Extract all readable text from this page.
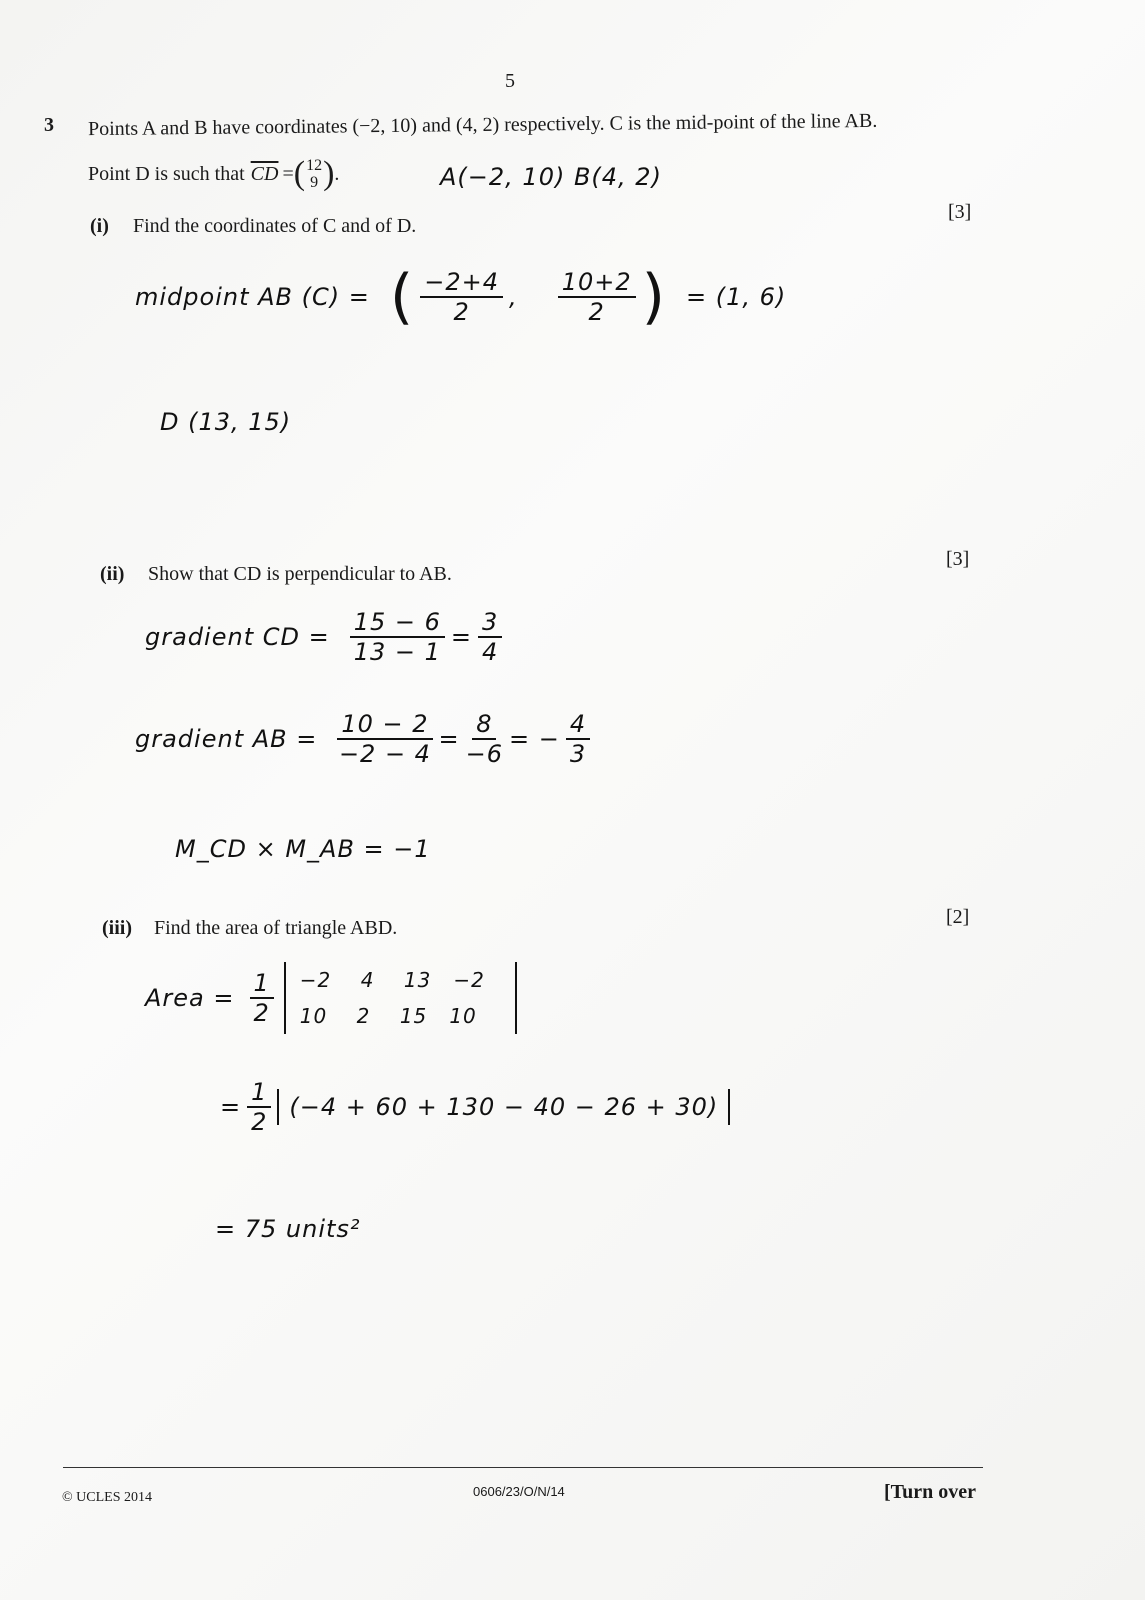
5
3 Points A and B have coordinates (−2, 10) and (4, 2) respectively. C is the mid-point of the line AB.
Point D is such that $\overline{CD}$ = ( 12
9 ) .	A(−2, 10) B(4, 2)
(i) Find the coordinates of C and of D.
[3]
midpoint AB (C) = ( $\frac{-2+4}{2}$ , $\frac{10+2}{2}$ ) = (1, 6)
D (13, 15)
(ii) Show that CD is perpendicular to AB.
[3]
gradient CD = $\frac{15 - 6}{13 - 1} = \frac{3}{4}$
gradient AB = $\frac{10 - 2}{-2 - 4} = \frac{8}{-6}$ = − $\frac{4}{3}$
M_CD × M_AB = −1
(iii) Find the area of triangle ABD.	[2]
Area = $\frac{1}{2} -2$    4    13   −2
10    2    15   10
= $\frac{1}{2} (-4 + 60 + 130 - 40 - 26 + 30)$
= 75 units²
© UCLES 2014	0606/23/O/N/14	[Turn over
